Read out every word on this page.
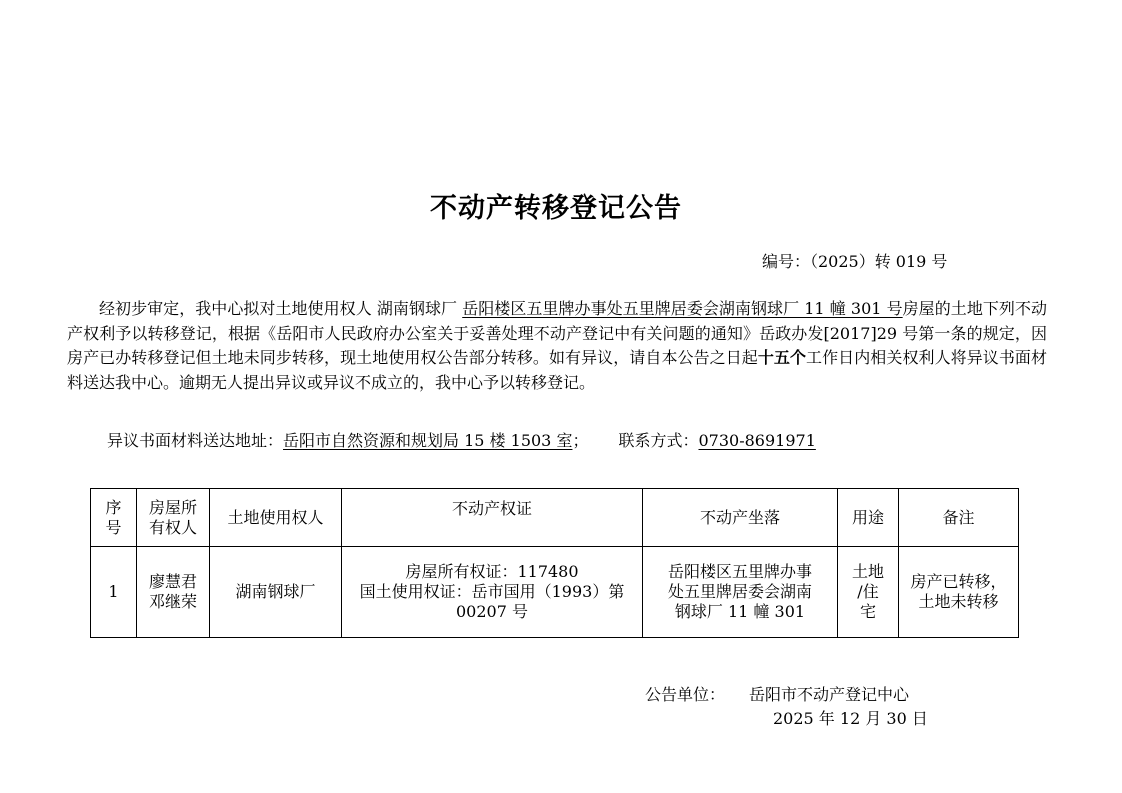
不动产转移登记公告
编号：（2025）转 019 号

经初步审定，我中心拟对土地使用权人 湖南钢球厂 岳阳楼区五里牌办事处五里牌居委会湖南钢球厂 11 幢 301 号房屋的土地下列不动产权利予以转移登记，根据《岳阳市人民政府办公室关于妥善处理不动产登记中有关问题的通知》岳政办发[2017]29 号第一条的规定，因房产已办转移登记但土地未同步转移，现土地使用权公告部分转移。如有异议，请自本公告之日起十五个工作日内相关权利人将异议书面材料送达我中心。逾期无人提出异议或异议不成立的，我中心予以转移登记。

异议书面材料送达地址：岳阳市自然资源和规划局 15 楼 1503 室； 联系方式：0730-8691971
序
号	房屋所
有权人	土地使用权人	不动产权证	不动产坐落	用途	备注
1	廖慧君
邓继荣	湖南钢球厂	房屋所有权证：117480
国土使用权证：岳市国用（1993）第
00207 号	岳阳楼区五里牌办事
处五里牌居委会湖南
钢球厂 11 幢 301	土地
/住
宅	房产已转移，
土地未转移
公告单位： 岳阳市不动产登记中心
2025 年 12 月 30 日
